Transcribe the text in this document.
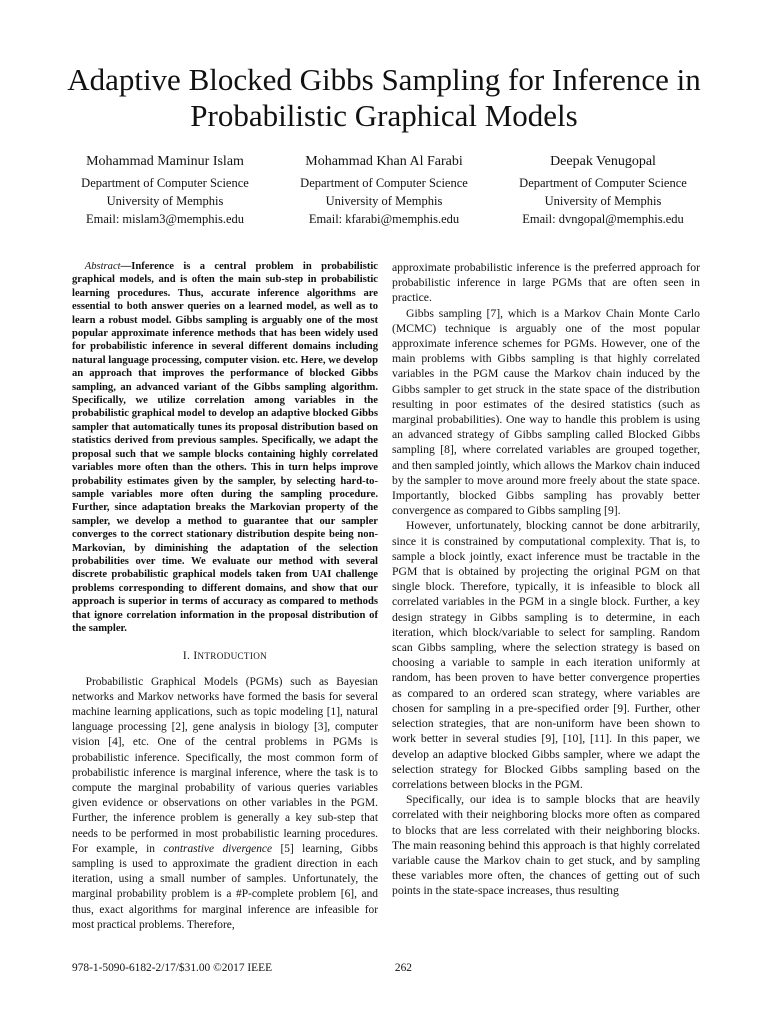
Adaptive Blocked Gibbs Sampling for Inference in Probabilistic Graphical Models
Mohammad Maminur Islam
Department of Computer Science
University of Memphis
Email: mislam3@memphis.edu
Mohammad Khan Al Farabi
Department of Computer Science
University of Memphis
Email: kfarabi@memphis.edu
Deepak Venugopal
Department of Computer Science
University of Memphis
Email: dvngopal@memphis.edu

Abstract—Inference is a central problem in probabilistic graphical models, and is often the main sub-step in probabilistic learning procedures. Thus, accurate inference algorithms are essential to both answer queries on a learned model, as well as to learn a robust model. Gibbs sampling is arguably one of the most popular approximate inference methods that has been widely used for probabilistic inference in several different domains including natural language processing, computer vision. etc. Here, we develop an approach that improves the performance of blocked Gibbs sampling, an advanced variant of the Gibbs sampling algorithm. Specifically, we utilize correlation among variables in the probabilistic graphical model to develop an adaptive blocked Gibbs sampler that automatically tunes its proposal distribution based on statistics derived from previous samples. Specifically, we adapt the proposal such that we sample blocks containing highly correlated variables more often than the others. This in turn helps improve probability estimates given by the sampler, by selecting hard-to-sample variables more often during the sampling procedure. Further, since adaptation breaks the Markovian property of the sampler, we develop a method to guarantee that our sampler converges to the correct stationary distribution despite being non-Markovian, by diminishing the adaptation of the selection probabilities over time. We evaluate our method with several discrete probabilistic graphical models taken from UAI challenge problems corresponding to different domains, and show that our approach is superior in terms of accuracy as compared to methods that ignore correlation information in the proposal distribution of the sampler.

I. INTRODUCTION

Probabilistic Graphical Models (PGMs) such as Bayesian networks and Markov networks have formed the basis for several machine learning applications, such as topic modeling [1], natural language processing [2], gene analysis in biology [3], computer vision [4], etc. One of the central problems in PGMs is probabilistic inference. Specifically, the most common form of probabilistic inference is marginal inference, where the task is to compute the marginal probability of various queries variables given evidence or observations on other variables in the PGM. Further, the inference problem is generally a key sub-step that needs to be performed in most probabilistic learning procedures. For example, in contrastive divergence [5] learning, Gibbs sampling is used to approximate the gradient direction in each iteration, using a small number of samples. Unfortunately, the marginal probability problem is a #P-complete problem [6], and thus, exact algorithms for marginal inference are infeasible for most practical problems. Therefore,

approximate probabilistic inference is the preferred approach for probabilistic inference in large PGMs that are often seen in practice.

Gibbs sampling [7], which is a Markov Chain Monte Carlo (MCMC) technique is arguably one of the most popular approximate inference schemes for PGMs. However, one of the main problems with Gibbs sampling is that highly correlated variables in the PGM cause the Markov chain induced by the Gibbs sampler to get struck in the state space of the distribution resulting in poor estimates of the desired statistics (such as marginal probabilities). One way to handle this problem is using an advanced strategy of Gibbs sampling called Blocked Gibbs sampling [8], where correlated variables are grouped together, and then sampled jointly, which allows the Markov chain induced by the sampler to move around more freely about the state space. Importantly, blocked Gibbs sampling has provably better convergence as compared to Gibbs sampling [9].

However, unfortunately, blocking cannot be done arbitrarily, since it is constrained by computational complexity. That is, to sample a block jointly, exact inference must be tractable in the PGM that is obtained by projecting the original PGM on that single block. Therefore, typically, it is infeasible to block all correlated variables in the PGM in a single block. Further, a key design strategy in Gibbs sampling is to determine, in each iteration, which block/variable to select for sampling. Random scan Gibbs sampling, where the selection strategy is based on choosing a variable to sample in each iteration uniformly at random, has been proven to have better convergence properties as compared to an ordered scan strategy, where variables are chosen for sampling in a pre-specified order [9]. Further, other selection strategies, that are non-uniform have been shown to work better in several studies [9], [10], [11]. In this paper, we develop an adaptive blocked Gibbs sampler, where we adapt the selection strategy for Blocked Gibbs sampling based on the correlations between blocks in the PGM.

Specifically, our idea is to sample blocks that are heavily correlated with their neighboring blocks more often as compared to blocks that are less correlated with their neighboring blocks. The main reasoning behind this approach is that highly correlated variable cause the Markov chain to get stuck, and by sampling these variables more often, the chances of getting out of such points in the state-space increases, thus resulting

978-1-5090-6182-2/17/$31.00 ©2017 IEEE	262
